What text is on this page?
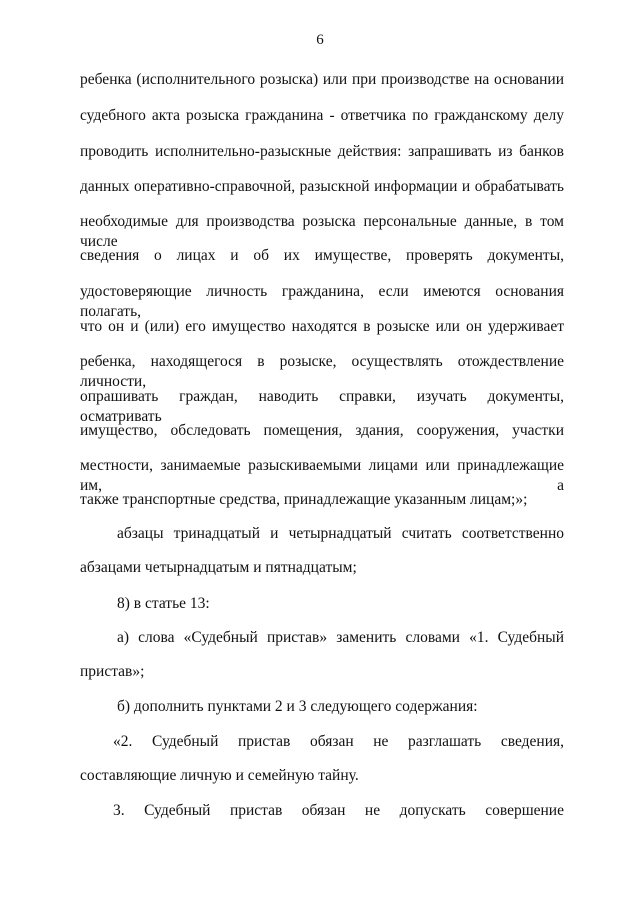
6
ребенка (исполнительного розыска) или при производстве на основании
судебного акта розыска гражданина - ответчика по гражданскому делу
проводить исполнительно-разыскные действия: запрашивать из банков
данных оперативно-справочной, разыскной информации и обрабатывать
необходимые для производства розыска персональные данные, в том числе
сведения о лицах и об их имуществе, проверять документы,
удостоверяющие личность гражданина, если имеются основания полагать,
что он и (или) его имущество находятся в розыске или он удерживает
ребенка, находящегося в розыске, осуществлять отождествление личности,
опрашивать граждан, наводить справки, изучать документы, осматривать
имущество, обследовать помещения, здания, сооружения, участки
местности, занимаемые разыскиваемыми лицами или принадлежащие им, а
также транспортные средства, принадлежащие указанным лицам;»;
абзацы тринадцатый и четырнадцатый считать соответственно
абзацами четырнадцатым и пятнадцатым;
8) в статье 13:
а) слова «Судебный пристав» заменить словами «1. Судебный
пристав»;
б) дополнить пунктами 2 и 3 следующего содержания:
«2. Судебный пристав обязан не разглашать сведения,
составляющие личную и семейную тайну.
3. Судебный пристав обязан не допускать совершение
